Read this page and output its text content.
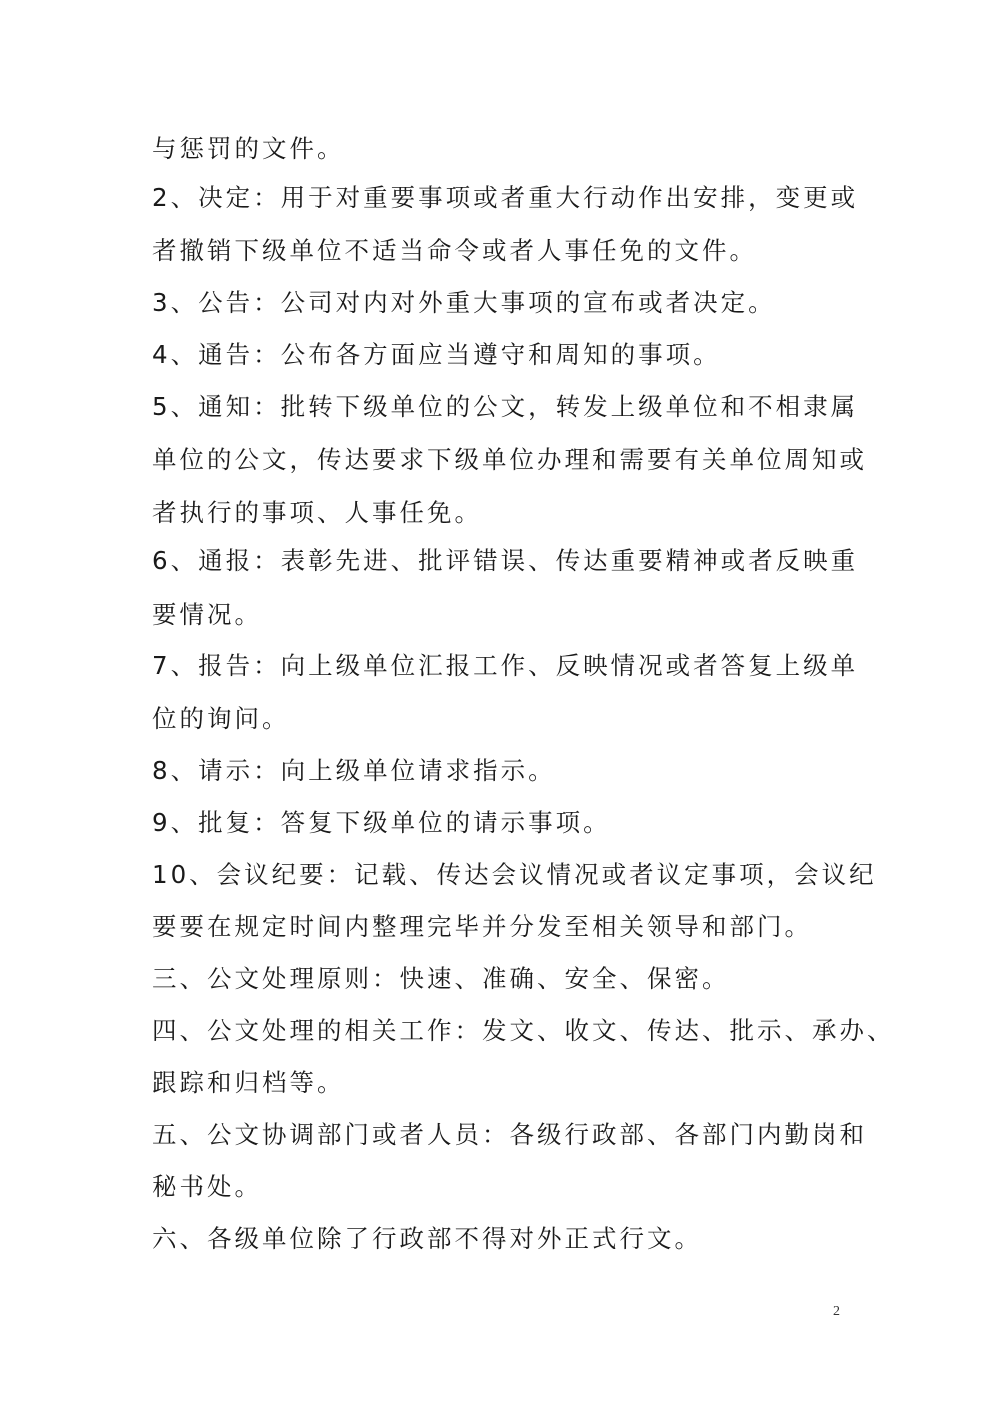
与惩罚的文件。
2、决定：用于对重要事项或者重大行动作出安排，变更或
者撤销下级单位不适当命令或者人事任免的文件。
3、公告：公司对内对外重大事项的宣布或者决定。
4、通告：公布各方面应当遵守和周知的事项。
5、通知：批转下级单位的公文，转发上级单位和不相隶属
单位的公文，传达要求下级单位办理和需要有关单位周知或
者执行的事项、人事任免。
6、通报：表彰先进、批评错误、传达重要精神或者反映重
要情况。
7、报告：向上级单位汇报工作、反映情况或者答复上级单
位的询问。
8、请示：向上级单位请求指示。
9、批复：答复下级单位的请示事项。
10、会议纪要：记载、传达会议情况或者议定事项，会议纪
要要在规定时间内整理完毕并分发至相关领导和部门。
三、公文处理原则：快速、准确、安全、保密。
四、公文处理的相关工作：发文、收文、传达、批示、承办、
跟踪和归档等。
五、公文协调部门或者人员：各级行政部、各部门内勤岗和
秘书处。
六、各级单位除了行政部不得对外正式行文。
2
